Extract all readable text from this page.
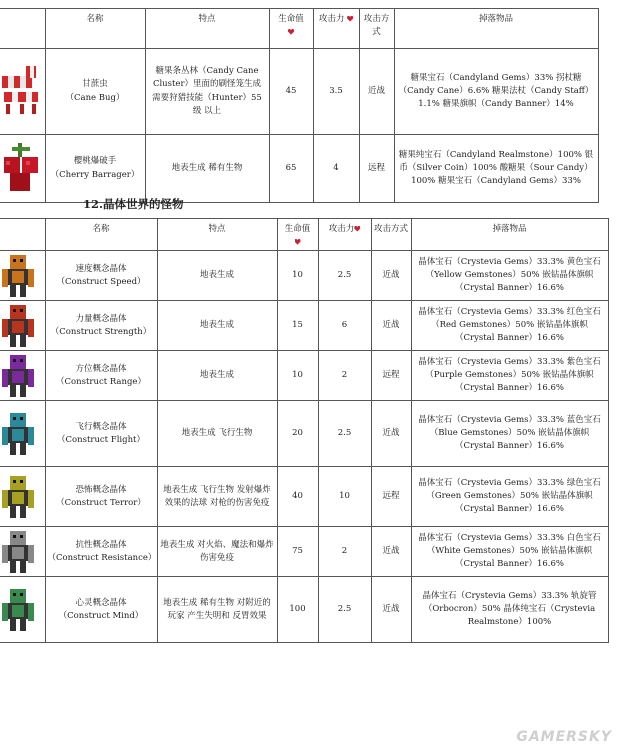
	名称	特点	生命值	攻击力	攻击方式	掉落物品

	甘蔗虫
（Cane Bug）	糖果条丛林（Candy Cane Cluster）里面的刷怪笼生成 需要狩猎技能（Hunter）55 级 以上	45	3.5	近战	糖果宝石（Candyland Gems）33% 拐杖糖（Candy Cane）6.6% 糖果法杖（Candy Staff）1.1% 糖果旗帜（Candy Banner）14%

	樱桃爆破手
（Cherry Barrager）	地表生成 稀有生物	65	4	远程	糖果纯宝石（Candyland Realmstone）100% 银币（Silver Coin）100% 酸糖果（Sour Candy）100% 糖果宝石（Candyland Gems）33%
12.晶体世界的怪物
	名称	特点	生命值	攻击力	攻击方式	掉落物品

	速度概念晶体
（Construct Speed）	地表生成	10	2.5	近战	晶体宝石（Crystevia Gems）33.3% 黄色宝石（Yellow Gemstones）50% 嵌钻晶体旗帜（Crystal Banner）16.6%

	力量概念晶体
（Construct Strength）	地表生成	15	6	近战	晶体宝石（Crystevia Gems）33.3% 红色宝石（Red Gemstones）50% 嵌钻晶体旗帜（Crystal Banner）16.6%

	方位概念晶体
（Construct Range）	地表生成	10	2	远程	晶体宝石（Crystevia Gems）33.3% 紫色宝石（Purple Gemstones）50% 嵌钻晶体旗帜（Crystal Banner）16.6%

	飞行概念晶体
（Construct Flight）	地表生成 飞行生物	20	2.5	近战	晶体宝石（Crystevia Gems）33.3% 蓝色宝石（Blue Gemstones）50% 嵌钻晶体旗帜（Crystal Banner）16.6%

	恐怖概念晶体
（Construct Terror）	地表生成 飞行生物 发射爆炸效果的法球 对枪的伤害免疫	40	10	远程	晶体宝石（Crystevia Gems）33.3% 绿色宝石（Green Gemstones）50% 嵌钻晶体旗帜（Crystal Banner）16.6%

	抗性概念晶体
（Construct Resistance）	地表生成 对火焰、魔法和爆炸伤害免疫	75	2	近战	晶体宝石（Crystevia Gems）33.3% 白色宝石（White Gemstones）50% 嵌钻晶体旗帜（Crystal Banner）16.6%

	心灵概念晶体
（Construct Mind）	地表生成 稀有生物 对附近的玩家 产生失明和 反胃效果	100	2.5	近战	晶体宝石（Crystevia Gems）33.3% 轨旋管（Orbocron）50% 晶体纯宝石（Crystevia Realmstone）100%
GAMERSKY
